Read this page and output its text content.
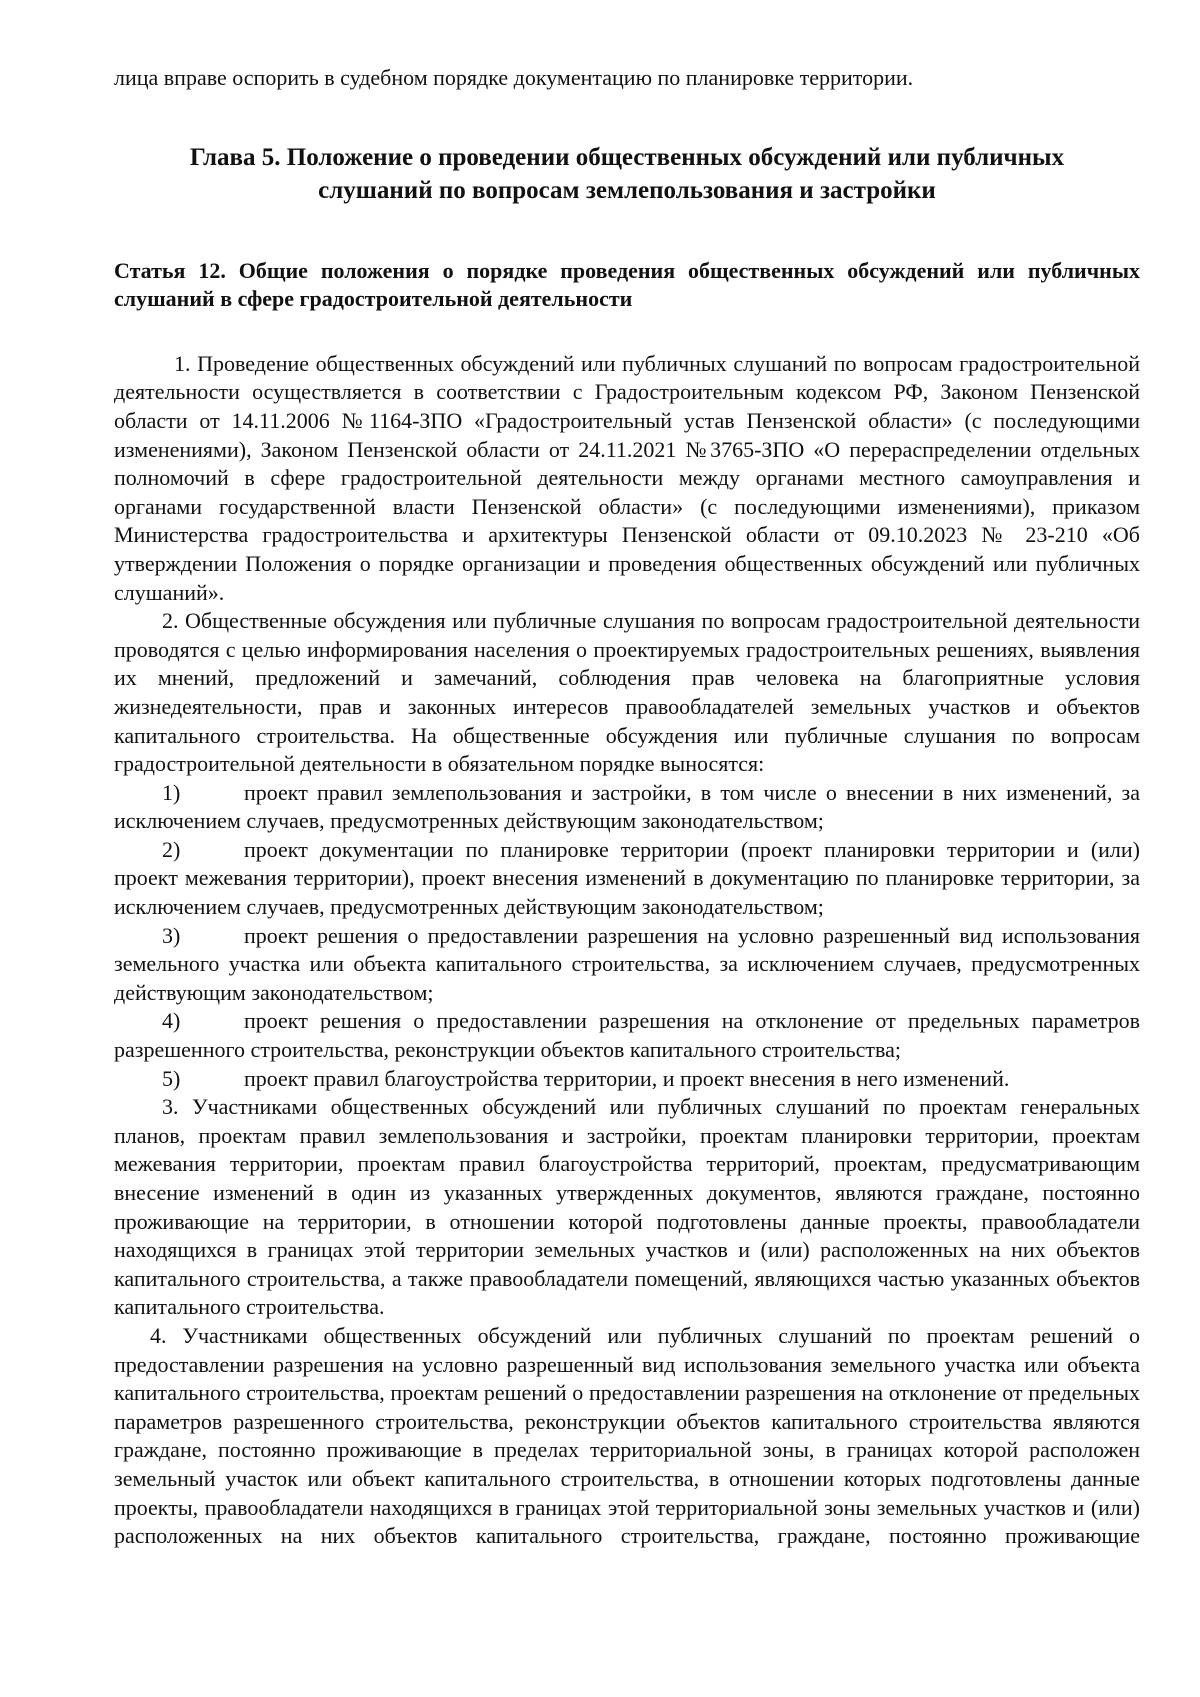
лица вправе оспорить в судебном порядке документацию по планировке территории.

Глава 5. Положение о проведении общественных обсуждений или публичных
слушаний по вопросам землепользования и застройки

Статья 12. Общие положения о порядке проведения общественных обсуждений или публичных слушаний в сфере градостроительной деятельности

1. Проведение общественных обсуждений или публичных слушаний по вопросам градостроительной деятельности осуществляется в соответствии с Градостроительным кодексом РФ, Законом Пензенской области от 14.11.2006 №1164-ЗПО «Градостроительный устав Пензенской области» (с последующими изменениями), Законом Пензенской области от 24.11.2021 №3765-ЗПО «О перераспределении отдельных полномочий в сфере градостроительной деятельности между органами местного самоуправления и органами государственной власти Пензенской области» (с последующими изменениями), приказом Министерства градостроительства и архитектуры Пензенской области от 09.10.2023 № 23-210 «Об утверждении Положения о порядке организации и проведения общественных обсуждений или публичных слушаний».

2. Общественные обсуждения или публичные слушания по вопросам градостроительной деятельности проводятся с целью информирования населения о проектируемых градостроительных решениях, выявления их мнений, предложений и замечаний, соблюдения прав человека на благоприятные условия жизнедеятельности, прав и законных интересов правообладателей земельных участков и объектов капитального строительства. На общественные обсуждения или публичные слушания по вопросам градостроительной деятельности в обязательном порядке выносятся:

1)	проект правил землепользования и застройки, в том числе о внесении в них изменений, за исключением случаев, предусмотренных действующим законодательством;

2)	проект документации по планировке территории (проект планировки территории и (или) проект межевания территории), проект внесения изменений в документацию по планировке территории, за исключением случаев, предусмотренных действующим законодательством;

3)	проект решения о предоставлении разрешения на условно разрешенный вид использования земельного участка или объекта капитального строительства, за исключением случаев, предусмотренных действующим законодательством;

4)	проект решения о предоставлении разрешения на отклонение от предельных параметров разрешенного строительства, реконструкции объектов капитального строительства;

5)	проект правил благоустройства территории, и проект внесения в него изменений.

3. Участниками общественных обсуждений или публичных слушаний по проектам генеральных планов, проектам правил землепользования и застройки, проектам планировки территории, проектам межевания территории, проектам правил благоустройства территорий, проектам, предусматривающим внесение изменений в один из указанных утвержденных документов, являются граждане, постоянно проживающие на территории, в отношении которой подготовлены данные проекты, правообладатели находящихся в границах этой территории земельных участков и (или) расположенных на них объектов капитального строительства, а также правообладатели помещений, являющихся частью указанных объектов капитального строительства.

4. Участниками общественных обсуждений или публичных слушаний по проектам решений о предоставлении разрешения на условно разрешенный вид использования земельного участка или объекта капитального строительства, проектам решений о предоставлении разрешения на отклонение от предельных параметров разрешенного строительства, реконструкции объектов капитального строительства являются граждане, постоянно проживающие в пределах территориальной зоны, в границах которой расположен земельный участок или объект капитального строительства, в отношении которых подготовлены данные проекты, правообладатели находящихся в границах этой территориальной зоны земельных участков и (или) расположенных на них объектов капитального строительства, граждане, постоянно проживающие
